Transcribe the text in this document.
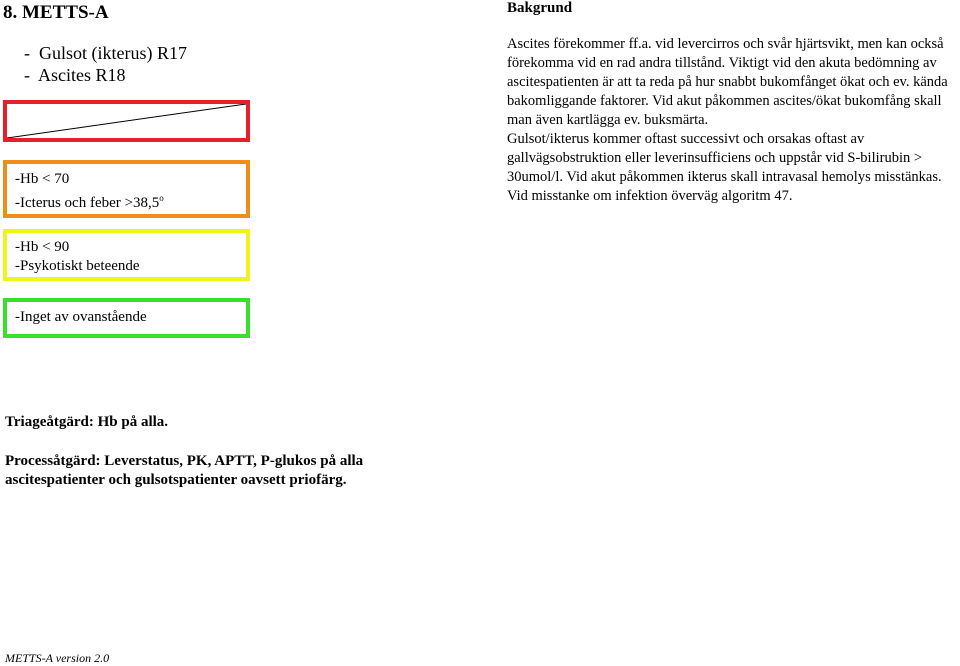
8. METTS-A
- Gulsot (ikterus) R17
- Ascites R18
-Hb < 70
-Icterus och feber $>38,5^o$
-Hb < 90
-Psykotiskt beteende
-Inget av ovanstående
Bakgrund

Ascites förekommer ff.a. vid levercirros och svår hjärtsvikt, men kan också förekomma vid en rad andra tillstånd. Viktigt vid den akuta bedömning av ascitespatienten är att ta reda på hur snabbt bukomfånget ökat och ev. kända bakomliggande faktorer. Vid akut påkommen ascites/ökat bukomfång skall man även kartlägga ev. buksmärta.

Gulsot/ikterus kommer oftast successivt och orsakas oftast av gallvägsobstruktion eller leverinsufficiens och uppstår vid S-bilirubin > 30umol/l. Vid akut påkommen ikterus skall intravasal hemolys misstänkas.

Vid misstanke om infektion överväg algoritm 47.

Triageåtgärd: Hb på alla.
Processåtgärd: Leverstatus, PK, APTT, P-glukos på alla ascitespatienter och gulsotspatienter oavsett priofärg.
METTS-A version 2.0
